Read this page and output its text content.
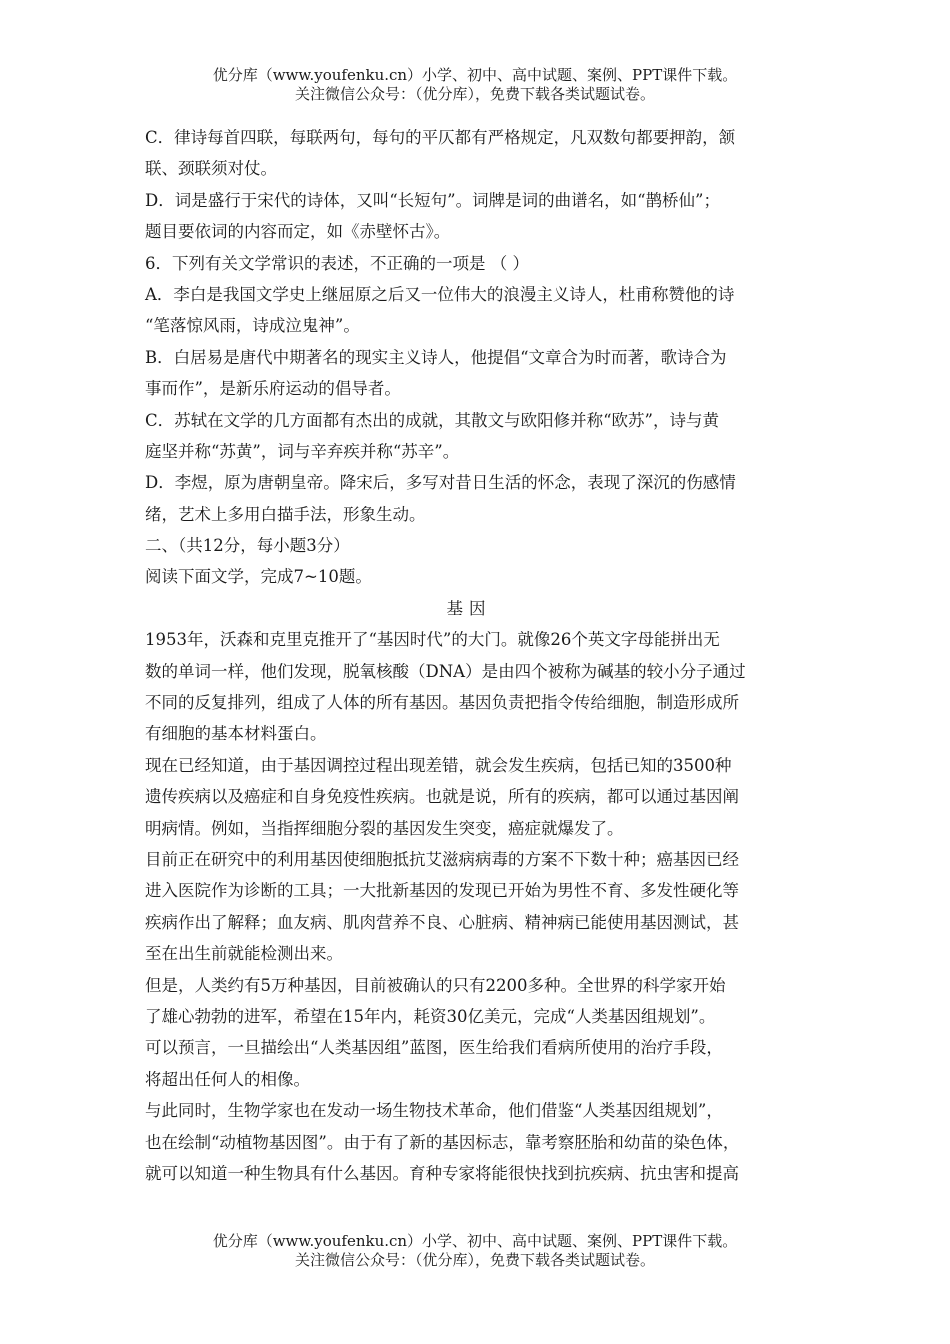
优分库（www.youfenku.cn）小学、初中、高中试题、案例、PPT课件下载。
关注微信公众号：（优分库），免费下载各类试题试卷。
C．律诗每首四联，每联两句，每句的平仄都有严格规定，凡双数句都要押韵，颔
联、颈联须对仗。
D．词是盛行于宋代的诗体，又叫“长短句”。词牌是词的曲谱名，如“鹊桥仙”；
题目要依词的内容而定，如《赤壁怀古》。
6．下列有关文学常识的表述，不正确的一项是 （ ）
A．李白是我国文学史上继屈原之后又一位伟大的浪漫主义诗人，杜甫称赞他的诗
“笔落惊风雨，诗成泣鬼神”。
B．白居易是唐代中期著名的现实主义诗人，他提倡“文章合为时而著，歌诗合为
事而作”，是新乐府运动的倡导者。
C．苏轼在文学的几方面都有杰出的成就，其散文与欧阳修并称“欧苏”，诗与黄
庭坚并称“苏黄”，词与辛弃疾并称“苏辛”。
D．李煜，原为唐朝皇帝。降宋后，多写对昔日生活的怀念，表现了深沉的伤感情
绪，艺术上多用白描手法，形象生动。
二、（共12分，每小题3分）
阅读下面文学，完成7~10题。
基因
1953年，沃森和克里克推开了“基因时代”的大门。就像26个英文字母能拼出无
数的单词一样，他们发现，脱氧核酸（DNA）是由四个被称为碱基的较小分子通过
不同的反复排列，组成了人体的所有基因。基因负责把指令传给细胞，制造形成所
有细胞的基本材料蛋白。
现在已经知道，由于基因调控过程出现差错，就会发生疾病，包括已知的3500种
遗传疾病以及癌症和自身免疫性疾病。也就是说，所有的疾病，都可以通过基因阐
明病情。例如，当指挥细胞分裂的基因发生突变，癌症就爆发了。
目前正在研究中的利用基因使细胞抵抗艾滋病病毒的方案不下数十种；癌基因已经
进入医院作为诊断的工具；一大批新基因的发现已开始为男性不育、多发性硬化等
疾病作出了解释；血友病、肌肉营养不良、心脏病、精神病已能使用基因测试，甚
至在出生前就能检测出来。
但是，人类约有5万种基因，目前被确认的只有2200多种。全世界的科学家开始
了雄心勃勃的进军，希望在15年内，耗资30亿美元，完成“人类基因组规划”。
可以预言，一旦描绘出“人类基因组”蓝图，医生给我们看病所使用的治疗手段，
将超出任何人的相像。
与此同时，生物学家也在发动一场生物技术革命，他们借鉴“人类基因组规划”，
也在绘制“动植物基因图”。由于有了新的基因标志，靠考察胚胎和幼苗的染色体，
就可以知道一种生物具有什么基因。育种专家将能很快找到抗疾病、抗虫害和提高
优分库（www.youfenku.cn）小学、初中、高中试题、案例、PPT课件下载。
关注微信公众号：（优分库），免费下载各类试题试卷。
